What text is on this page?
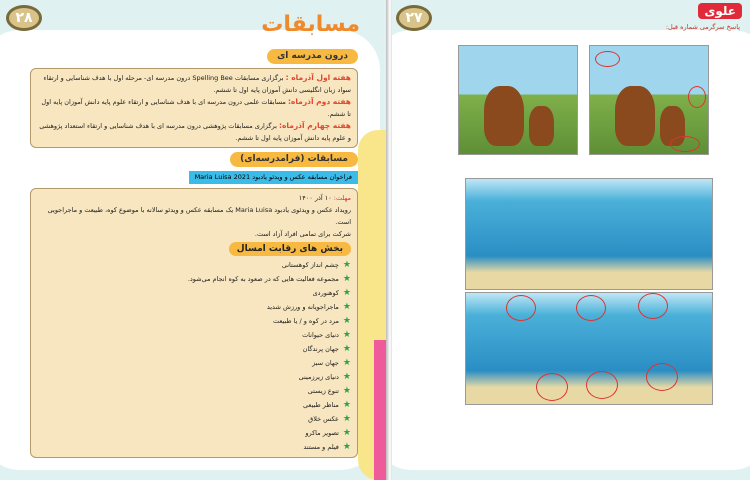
۲۸	مسابقات
درون مدرسه ای
هفته اول آذرماه : برگزاری مسابقات Spelling Bee درون مدرسه ای- مرحله اول با هدف شناسایی و ارتقاء سواد زبان انگلیسی دانش آموزان پایه اول تا ششم.
هفته دوم آذرماه: مسابقات علمی درون مدرسه ای با هدف شناسایی و ارتقاء علوم پایه دانش آموزان پایه اول تا ششم.
هفته چهارم آذرماه: برگزاری مسابقات پژوهشی درون مدرسه ای با هدف شناسایی و ارتقاء استعداد پژوهشی و علوم پایه دانش آموزان پایه اول تا ششم.
مسابقات (فرامدرسه‌ای)
فراخوان مسابقه عکس و ویدئو یادبود 2021 Maria Luisa
مهلت: ۱۰ آذر ۱۴۰۰
رویداد عکس و ویدئوی یادبود Maria Luisa یک مسابقه عکس و ویدئو سالانه با موضوع کوه، طبیعت و ماجراجویی است.
شرکت برای تمامی افراد آزاد است.
بخش های رقابت امسال
★
چشم انداز کوهستانی
★
مجموعه فعالیت هایی که در صعود به کوه انجام می‌شود.
★
کوهنوردی
★
ماجراجویانه و ورزش شدید
★
مرد در کوه و / یا طبیعت
★
دنیای حیوانات
★
جهان پرندگان
★
جهان سبز
★
دنیای زیرزمینی
★
تنوع زیستی
★
مناظر طبیعی
★
عکس خلاق
★
تصویر ماکرو
★
فیلم و مستند
۲۷	علوی
پاسخ سرگرمی شماره قبل:
